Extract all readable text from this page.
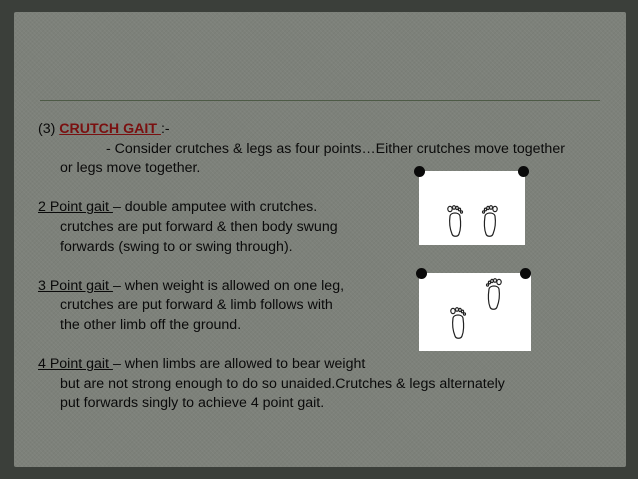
(3) CRUTCH GAIT :-
- Consider crutches & legs as four points…Either crutches move together
or legs move together.
2 Point gait – double amputee with crutches.
crutches are put forward & then body swung
forwards (swing to or swing through).
3 Point gait – when weight is allowed on one leg,
crutches are put forward & limb follows with
the other limb off the ground.
4 Point gait – when limbs are allowed to bear weight
but are not strong enough to do so unaided.Crutches & legs alternately
put forwards singly to achieve 4 point gait.
